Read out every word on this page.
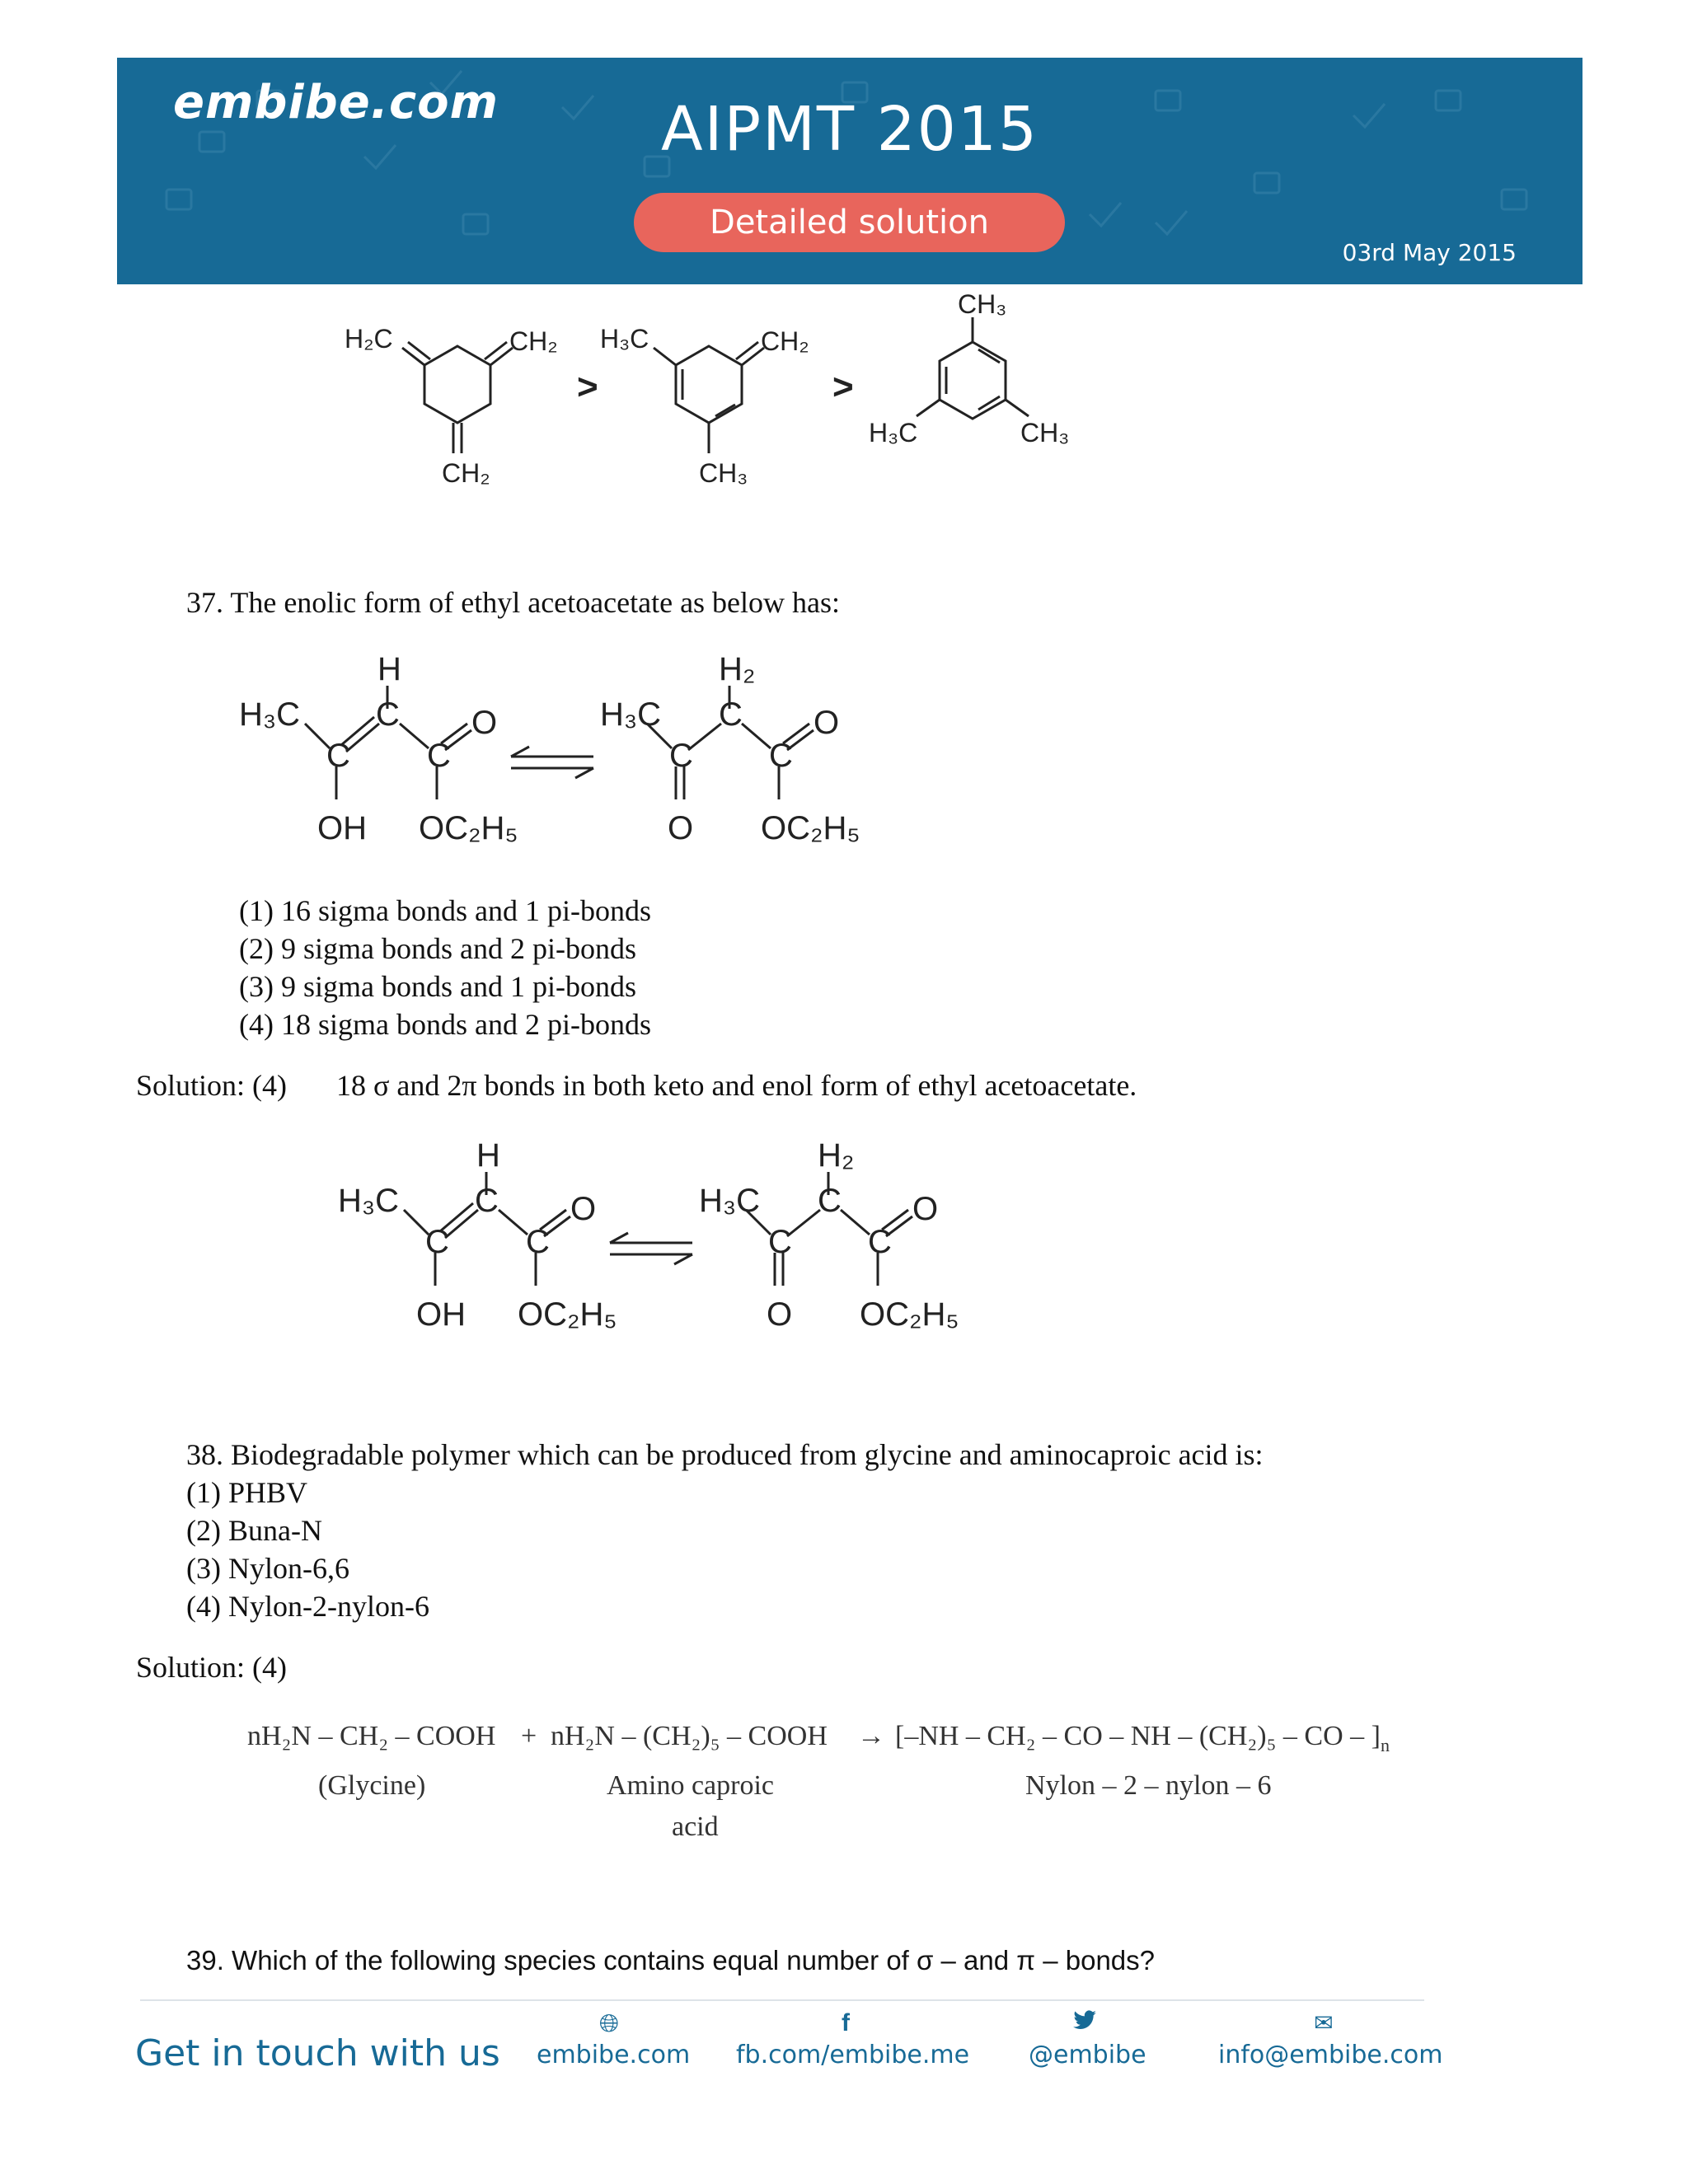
embibe.com	AIPMT 2015
Detailed solution
03rd May 2015
H₂C	CH₂
CH₂
>
H₃C	CH₂
CH₃
>
CH₃
H₃C	CH₃
37. The enolic form of ethyl acetoacetate as below has:
H
H₃C C
C C
O
OH OC₂H₅
H₂
H₃C C
C C
O
O OC₂H₅
(1) 16 sigma bonds and 1 pi-bonds
(2) 9 sigma bonds and 2 pi-bonds
(3) 9 sigma bonds and 1 pi-bonds
(4) 18 sigma bonds and 2 pi-bonds
Solution: (4) 18 σ and 2π bonds in both keto and enol form of ethyl acetoacetate.
H
H₃C C
C C
O
OH OC₂H₅
H₂
H₃C C
C C
O
O OC₂H₅
38. Biodegradable polymer which can be produced from glycine and aminocaproic acid is:
(1) PHBV
(2) Buna-N
(3) Nylon-6,6
(4) Nylon-2-nylon-6
Solution: (4)
nH₂N – CH₂ – COOH + nH₂N – (CH₂)₅ – COOH → [–NH – CH₂ – CO – NH – (CH₂)₅ – CO – ]$_n$
(Glycine)	Amino caproic
acid
Nylon – 2 – nylon – 6
39. Which of the following species contains equal number of σ – and π – bonds?
Get in touch with us
🌐︎
embibe.com
f
fb.com/embibe.me @embibe
✉︎
info@embibe.com
